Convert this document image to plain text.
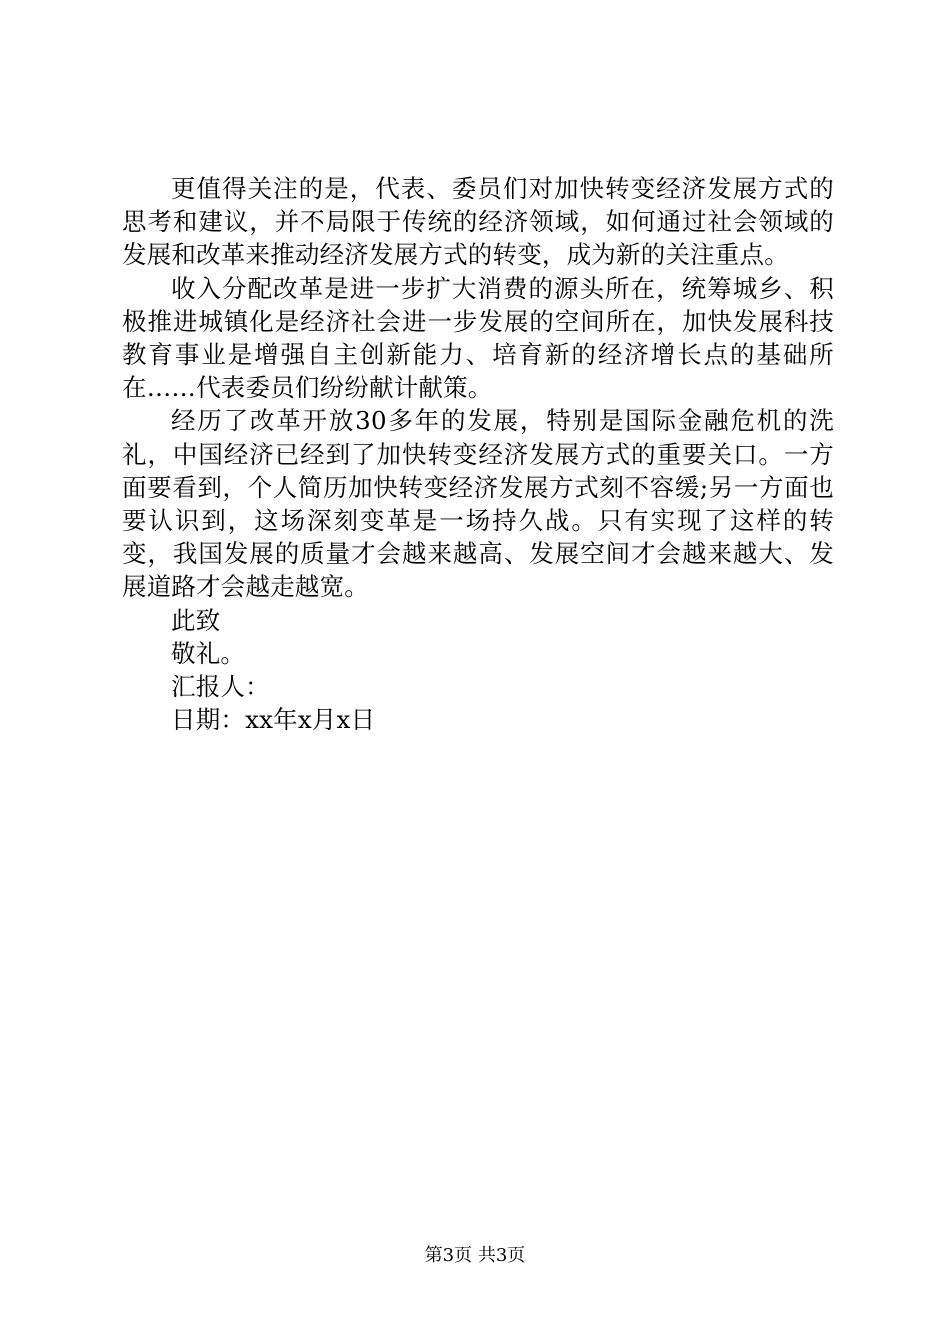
更值得关注的是，代表、委员们对加快转变经济发展方式的思考和建议，并不局限于传统的经济领域，如何通过社会领域的发展和改革来推动经济发展方式的转变，成为新的关注重点。

收入分配改革是进一步扩大消费的源头所在，统筹城乡、积极推进城镇化是经济社会进一步发展的空间所在，加快发展科技教育事业是增强自主创新能力、培育新的经济增长点的基础所在……代表委员们纷纷献计献策。

经历了改革开放30多年的发展，特别是国际金融危机的洗礼，中国经济已经到了加快转变经济发展方式的重要关口。一方面要看到，个人简历加快转变经济发展方式刻不容缓;另一方面也要认识到，这场深刻变革是一场持久战。只有实现了这样的转变，我国发展的质量才会越来越高、发展空间才会越来越大、发展道路才会越走越宽。

此致

敬礼。

汇报人：

日期：xx年x月x日

第3页 共3页
